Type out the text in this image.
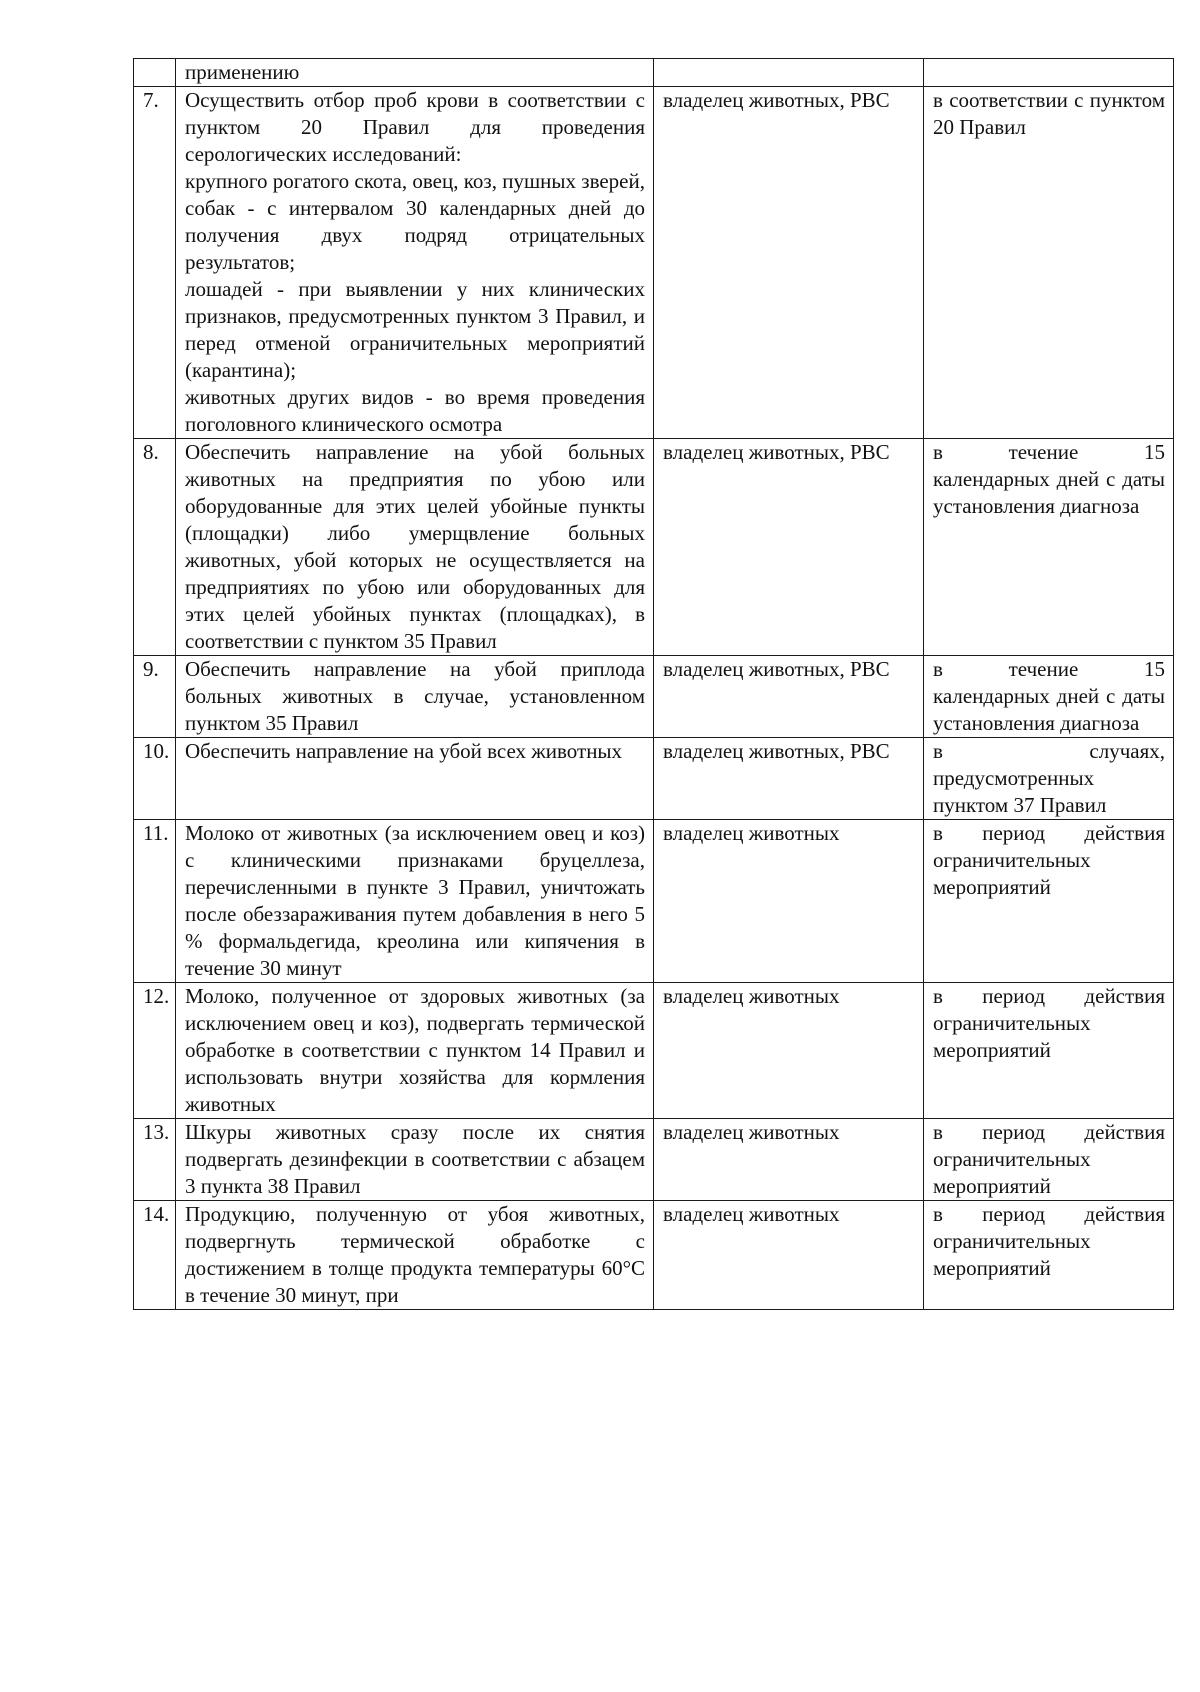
	применению		

7.	Осуществить отбор проб крови в соответствии с пунктом 20 Правил для проведения серологических исследований:
крупного рогатого скота, овец, коз, пушных зверей, собак - с интервалом 30 календарных дней до получения двух подряд отрицательных результатов;
лошадей - при выявлении у них клинических признаков, предусмотренных пунктом 3 Правил, и перед отменой ограничительных мероприятий (карантина);
животных других видов - во время проведения поголовного клинического осмотра	владелец животных, РВС	в соответствии с пунктом 20 Правил
8.	Обеспечить направление на убой больных животных на предприятия по убою или оборудованные для этих целей убойные пункты (площадки) либо умерщвление больных животных, убой которых не осуществляется на предприятиях по убою или оборудованных для этих целей убойных пунктах (площадках), в соответствии с пунктом 35 Правил	владелец животных, РВС	в течение 15 календарных дней с даты установления диагноза
9.	Обеспечить направление на убой приплода больных животных в случае, установленном пунктом 35 Правил	владелец животных, РВС	в течение 15 календарных дней с даты установления диагноза
10.	Обеспечить направление на убой всех животных	владелец животных, РВС	в случаях, предусмотренных пунктом 37 Правил
11.	Молоко от животных (за исключением овец и коз) с клиническими признаками бруцеллеза, перечисленными в пункте 3 Правил, уничтожать после обеззараживания путем добавления в него 5 % формальдегида, креолина или кипячения в течение 30 минут	владелец животных	в период действия ограничительных мероприятий
12.	Молоко, полученное от здоровых животных (за исключением овец и коз), подвергать термической обработке в соответствии с пунктом 14 Правил и использовать внутри хозяйства для кормления животных	владелец животных	в период действия ограничительных мероприятий
13.	Шкуры животных сразу после их снятия подвергать дезинфекции в соответствии с абзацем 3 пункта 38 Правил	владелец животных	в период действия ограничительных мероприятий
14.	Продукцию, полученную от убоя животных, подвергнуть термической обработке с достижением в толще продукта температуры 60°С в течение 30 минут, при	владелец животных	в период действия ограничительных мероприятий
